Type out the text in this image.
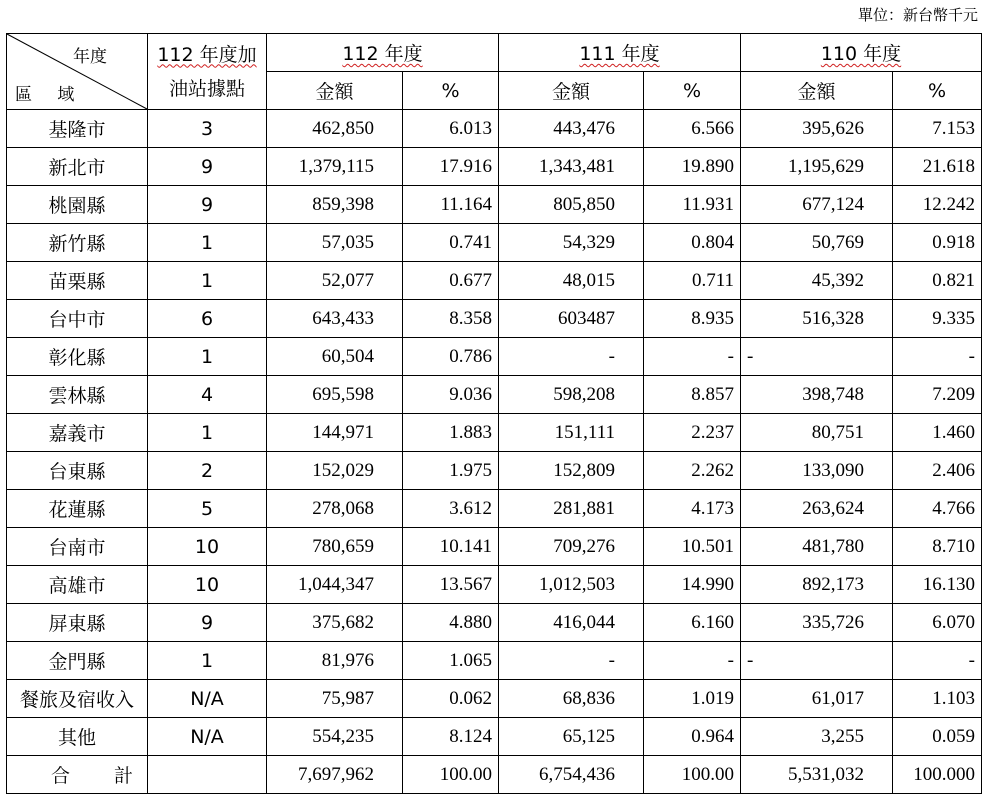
單位：新台幣千元
年度
區 域	112 年度加
油站據點	112 年度		111 年度		110 年度	
		金額	%	金額	%	金額	%
基隆市	3	462,850	6.013	443,476	6.566	395,626	7.153
新北市	9	1,379,115	17.916	1,343,481	19.890	1,195,629	21.618
桃園縣	9	859,398	11.164	805,850	11.931	677,124	12.242
新竹縣	1	57,035	0.741	54,329	0.804	50,769	0.918
苗栗縣	1	52,077	0.677	48,015	0.711	45,392	0.821
台中市	6	643,433	8.358	603487	8.935	516,328	9.335
彰化縣	1	60,504	0.786	-	-	-	-
雲林縣	4	695,598	9.036	598,208	8.857	398,748	7.209
嘉義市	1	144,971	1.883	151,111	2.237	80,751	1.460
台東縣	2	152,029	1.975	152,809	2.262	133,090	2.406
花蓮縣	5	278,068	3.612	281,881	4.173	263,624	4.766
台南市	10	780,659	10.141	709,276	10.501	481,780	8.710
高雄市	10	1,044,347	13.567	1,012,503	14.990	892,173	16.130
屏東縣	9	375,682	4.880	416,044	6.160	335,726	6.070
金門縣	1	81,976	1.065	-	-	-	-
餐旅及宿收入	N/A	75,987	0.062	68,836	1.019	61,017	1.103
其他	N/A	554,235	8.124	65,125	0.964	3,255	0.059
合計		7,697,962	100.00	6,754,436	100.00	5,531,032	100.000
